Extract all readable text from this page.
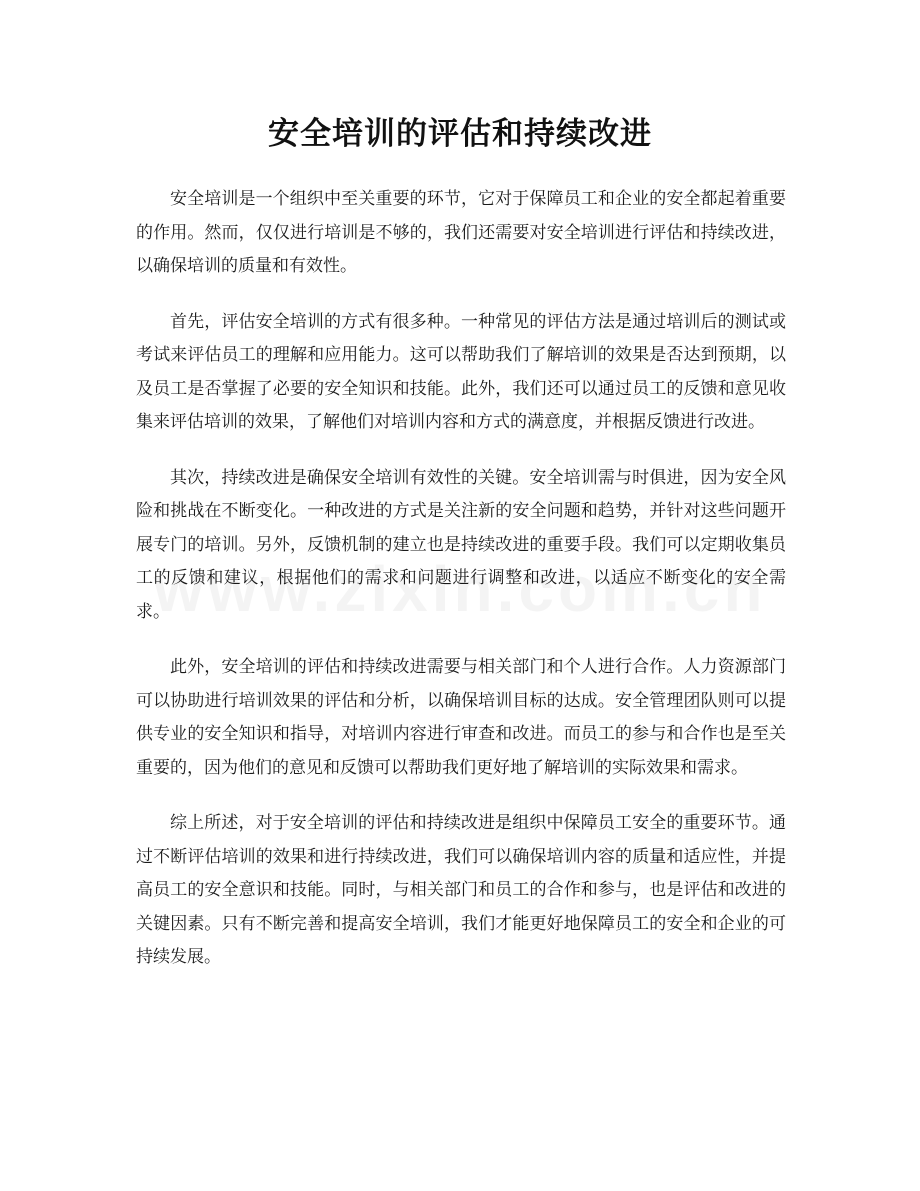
安全培训的评估和持续改进

安全培训是一个组织中至关重要的环节，它对于保障员工和企业的安全都起着重要的作用。然而，仅仅进行培训是不够的，我们还需要对安全培训进行评估和持续改进，以确保培训的质量和有效性。

首先，评估安全培训的方式有很多种。一种常见的评估方法是通过培训后的测试或考试来评估员工的理解和应用能力。这可以帮助我们了解培训的效果是否达到预期，以及员工是否掌握了必要的安全知识和技能。此外，我们还可以通过员工的反馈和意见收集来评估培训的效果，了解他们对培训内容和方式的满意度，并根据反馈进行改进。

其次，持续改进是确保安全培训有效性的关键。安全培训需与时俱进，因为安全风险和挑战在不断变化。一种改进的方式是关注新的安全问题和趋势，并针对这些问题开展专门的培训。另外，反馈机制的建立也是持续改进的重要手段。我们可以定期收集员工的反馈和建议，根据他们的需求和问题进行调整和改进，以适应不断变化的安全需求。

此外，安全培训的评估和持续改进需要与相关部门和个人进行合作。人力资源部门可以协助进行培训效果的评估和分析，以确保培训目标的达成。安全管理团队则可以提供专业的安全知识和指导，对培训内容进行审查和改进。而员工的参与和合作也是至关重要的，因为他们的意见和反馈可以帮助我们更好地了解培训的实际效果和需求。

综上所述，对于安全培训的评估和持续改进是组织中保障员工安全的重要环节。通过不断评估培训的效果和进行持续改进，我们可以确保培训内容的质量和适应性，并提高员工的安全意识和技能。同时，与相关部门和员工的合作和参与，也是评估和改进的关键因素。只有不断完善和提高安全培训，我们才能更好地保障员工的安全和企业的可持续发展。
